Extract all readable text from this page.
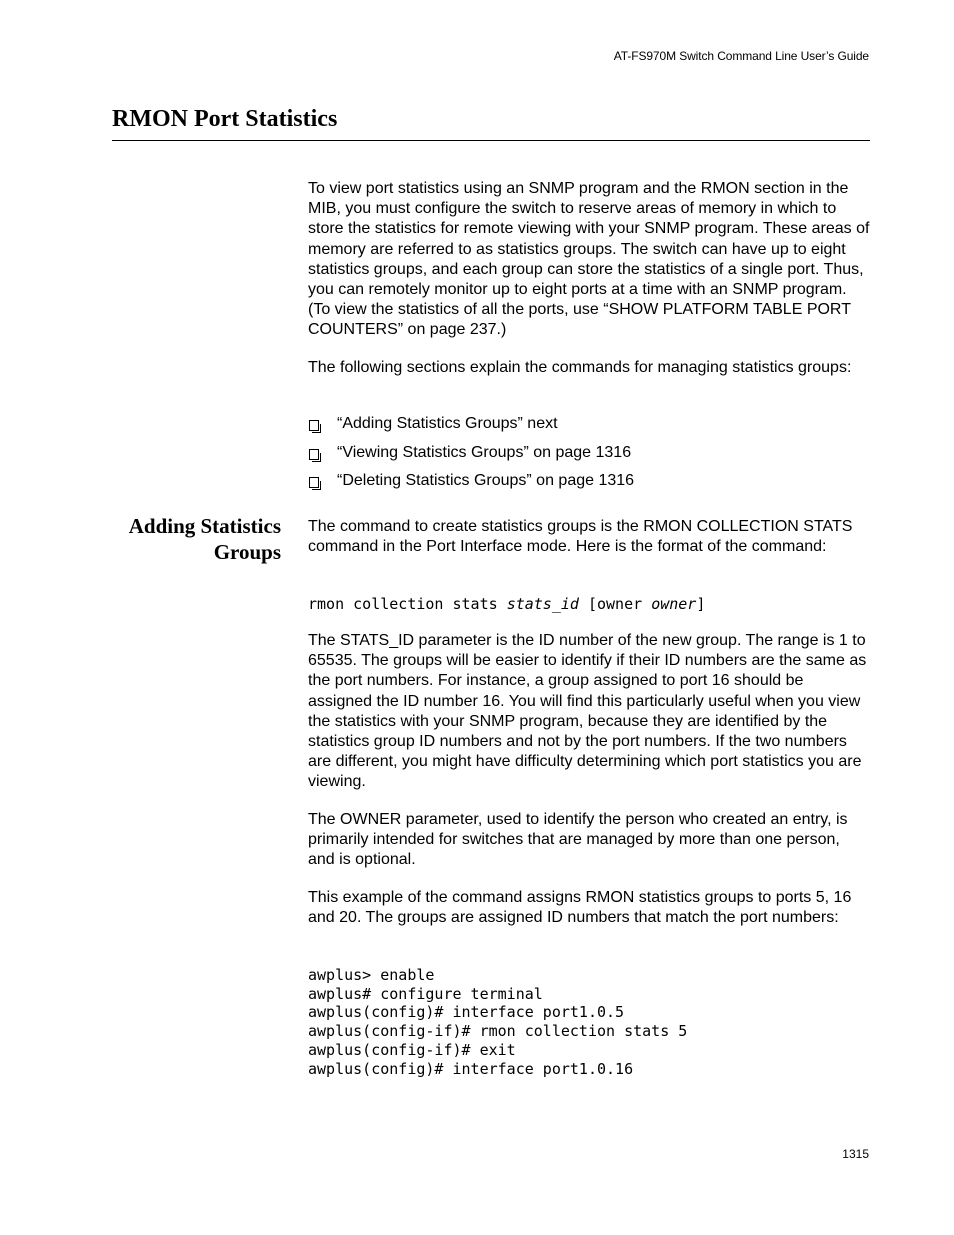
AT-FS970M Switch Command Line User’s Guide
RMON Port Statistics

To view port statistics using an SNMP program and the RMON section in the MIB, you must configure the switch to reserve areas of memory in which to store the statistics for remote viewing with your SNMP program. These areas of memory are referred to as statistics groups. The switch can have up to eight statistics groups, and each group can store the statistics of a single port. Thus, you can remotely monitor up to eight ports at a time with an SNMP program. (To view the statistics of all the ports, use “SHOW PLATFORM TABLE PORT COUNTERS” on page 237.)

The following sections explain the commands for managing statistics groups:

“Adding Statistics Groups” next
“Viewing Statistics Groups” on page 1316
“Deleting Statistics Groups” on page 1316
Adding Statistics
Groups

The command to create statistics groups is the RMON COLLECTION STATS command in the Port Interface mode. Here is the format of the command:

rmon collection stats stats_id [owner owner]

The STATS_ID parameter is the ID number of the new group. The range is 1 to 65535. The groups will be easier to identify if their ID numbers are the same as the port numbers. For instance, a group assigned to port 16 should be assigned the ID number 16. You will find this particularly useful when you view the statistics with your SNMP program, because they are identified by the statistics group ID numbers and not by the port numbers. If the two numbers are different, you might have difficulty determining which port statistics you are viewing.

The OWNER parameter, used to identify the person who created an entry, is primarily intended for switches that are managed by more than one person, and is optional.

This example of the command assigns RMON statistics groups to ports 5, 16 and 20. The groups are assigned ID numbers that match the port numbers:

awplus> enable
awplus# configure terminal
awplus(config)# interface port1.0.5
awplus(config-if)# rmon collection stats 5
awplus(config-if)# exit
awplus(config)# interface port1.0.16
1315
